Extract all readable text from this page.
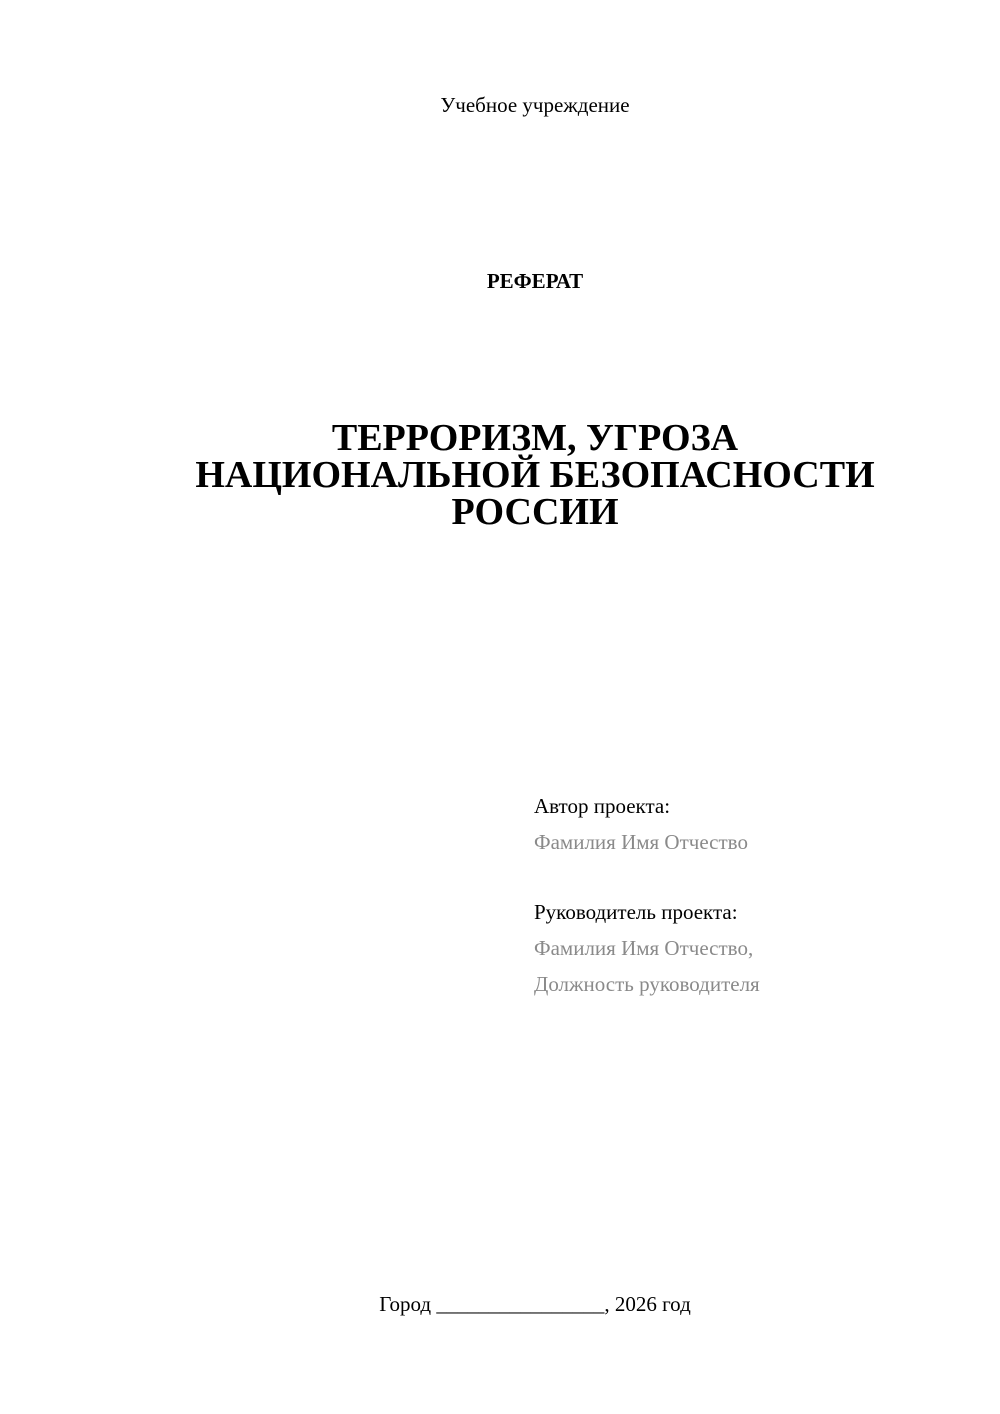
Учебное учреждение
РЕФЕРАТ
ТЕРРОРИЗМ, УГРОЗА
НАЦИОНАЛЬНОЙ БЕЗОПАСНОСТИ
РОССИИ
Автор проекта:
Фамилия Имя Отчество
Руководитель проекта:
Фамилия Имя Отчество,
Должность руководителя
Город ________________, 2026 год
